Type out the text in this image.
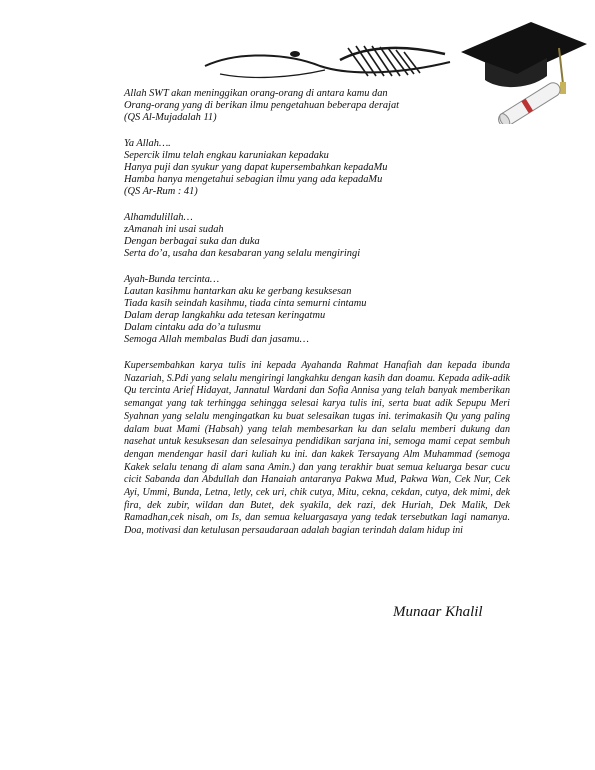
Allah SWT akan meninggikan orang-orang di antara kamu dan
Orang-orang yang di berikan ilmu pengetahuan beberapa derajat
(QS Al-Mujadalah 11)
Ya Allah….
Sepercik ilmu telah engkau karuniakan kepadaku
Hanya puji dan syukur yang dapat kupersembahkan kepadaMu
Hamba hanya mengetahui sebagian ilmu yang ada kepadaMu
(QS Ar-Rum : 41)
Alhamdulillah…
zAmanah ini usai sudah
Dengan berbagai suka dan duka
Serta do’a, usaha dan kesabaran yang selalu mengiringi
Ayah-Bunda tercinta…
Lautan kasihmu hantarkan aku ke gerbang kesuksesan
Tiada kasih seindah kasihmu, tiada cinta semurni cintamu
Dalam derap langkahku ada tetesan keringatmu
Dalam cintaku ada do’a tulusmu
Semoga Allah membalas Budi dan jasamu…

Kupersembahkan karya tulis ini kepada Ayahanda Rahmat Hanafiah dan kepada ibunda Nazariah, S.Pdi yang selalu mengiringi langkahku dengan kasih dan doamu. Kepada adik-adik Qu tercinta Arief Hidayat, Jannatul Wardani dan Sofia Annisa yang telah banyak memberikan semangat yang tak terhingga sehingga selesai karya tulis ini, serta buat adik Sepupu Meri Syahnan yang selalu mengingatkan ku buat selesaikan tugas ini. terimakasih Qu yang paling dalam buat Mami (Habsah) yang telah membesarkan ku dan selalu memberi dukung dan nasehat untuk kesuksesan dan selesainya pendidikan sarjana ini, semoga mami cepat sembuh dengan mendengar hasil dari kuliah ku ini. dan kakek Tersayang Alm Muhammad (semoga Kakek selalu tenang di alam sana Amin.) dan yang terakhir buat semua keluarga besar cucu cicit Sabanda dan Abdullah dan Hanaiah antaranya Pakwa Mud, Pakwa Wan, Cek Nur, Cek Ayi, Ummi, Bunda, Letna, letly, cek uri, chik cutya, Mitu, cekna, cekdan, cutya, dek mimi, dek fira, dek zubir, wildan dan Butet, dek syakila, dek razi, dek Huriah, Dek Malik, Dek Ramadhan,cek nisah, om Is, dan semua keluargasaya yang tedak tersebutkan lagi namanya. Doa, motivasi dan ketulusan persaudaraan adalah bagian terindah dalam hidup ini

Munaar Khalil
